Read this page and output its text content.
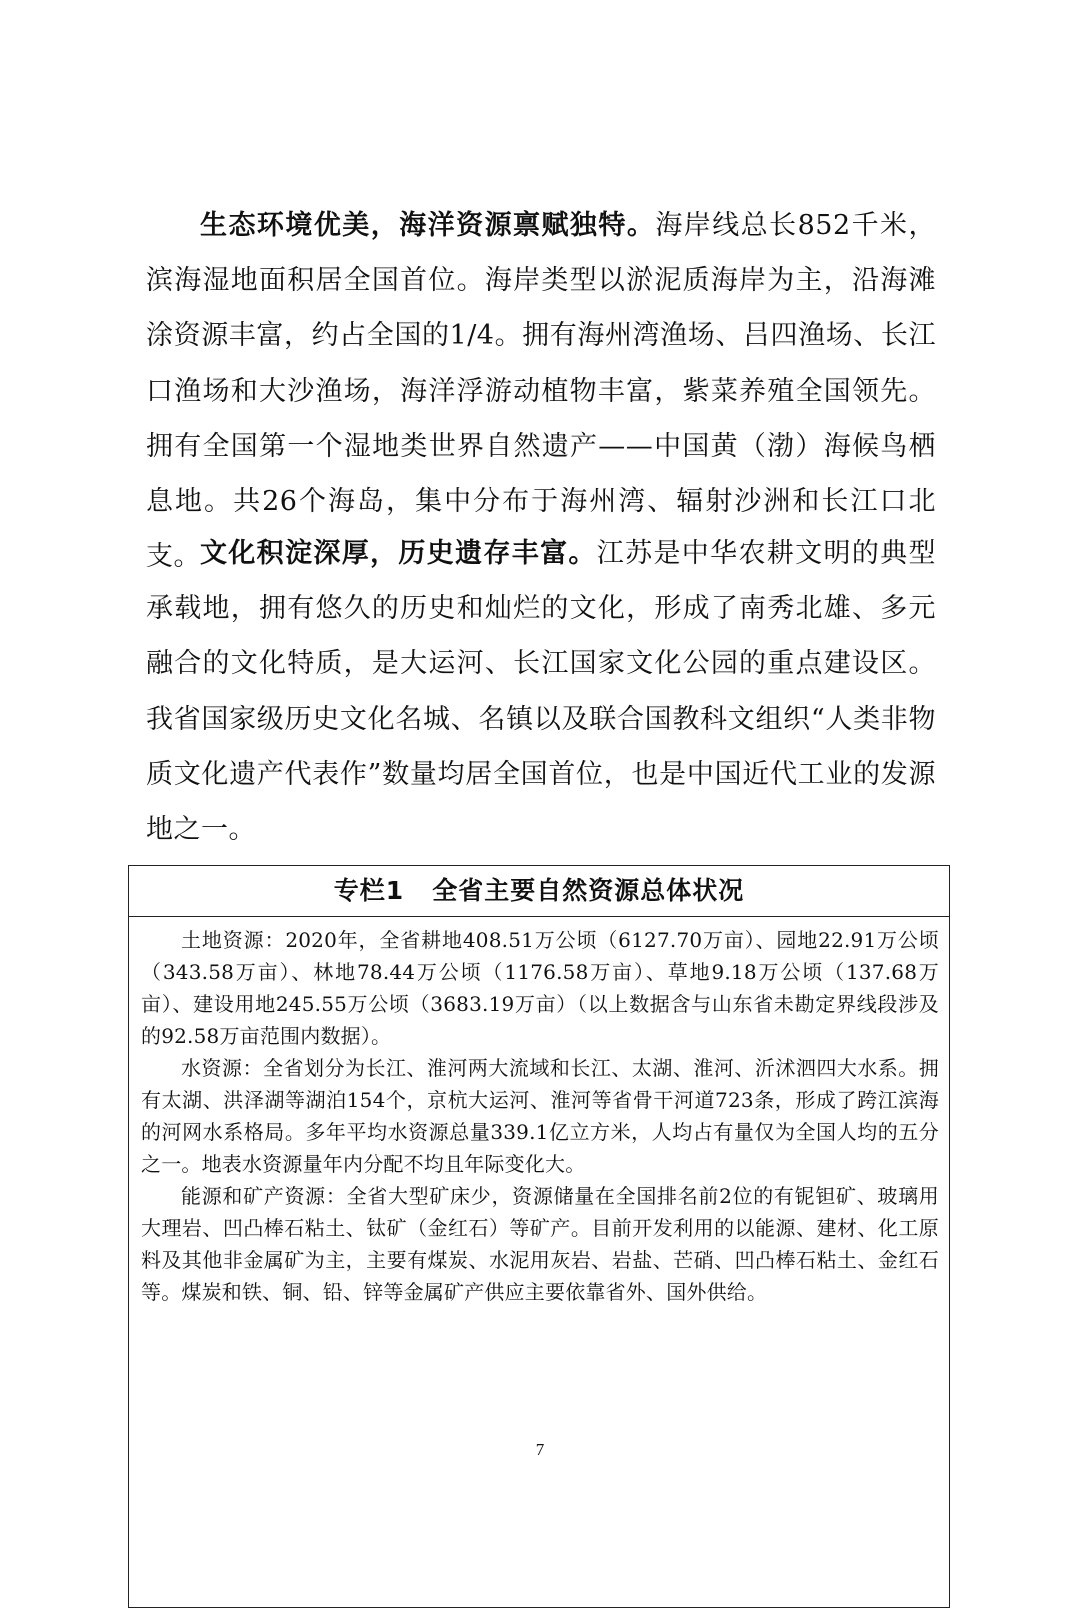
生态环境优美，海洋资源禀赋独特。海岸线总长852千米，滨海湿地面积居全国首位。海岸类型以淤泥质海岸为主，沿海滩涂资源丰富，约占全国的1/4。拥有海州湾渔场、吕四渔场、长江口渔场和大沙渔场，海洋浮游动植物丰富，紫菜养殖全国领先。拥有全国第一个湿地类世界自然遗产——中国黄（渤）海候鸟栖息地。共26个海岛，集中分布于海州湾、辐射沙洲和长江口北支。 文化积淀深厚，历史遗存丰富。江苏是中华农耕文明的典型承载地，拥有悠久的历史和灿烂的文化，形成了南秀北雄、多元融合的文化特质，是大运河、长江国家文化公园的重点建设区。我省国家级历史文化名城、名镇以及联合国教科文组织“人类非物质文化遗产代表作”数量均居全国首位，也是中国近代工业的发源地之一。

专栏1 全省主要自然资源总体状况

土地资源：2020年，全省耕地408.51万公顷（6127.70万亩）、园地22.91万公顷（343.58万亩）、林地78.44万公顷（1176.58万亩）、草地9.18万公顷（137.68万亩）、建设用地245.55万公顷（3683.19万亩）（以上数据含与山东省未勘定界线段涉及的92.58万亩范围内数据）。

水资源：全省划分为长江、淮河两大流域和长江、太湖、淮河、沂沭泗四大水系。拥有太湖、洪泽湖等湖泊154个，京杭大运河、淮河等省骨干河道723条，形成了跨江滨海的河网水系格局。多年平均水资源总量339.1亿立方米，人均占有量仅为全国人均的五分之一。地表水资源量年内分配不均且年际变化大。

能源和矿产资源：全省大型矿床少，资源储量在全国排名前2位的有铌钽矿、玻璃用大理岩、凹凸棒石粘土、钛矿（金红石）等矿产。目前开发利用的以能源、建材、化工原料及其他非金属矿为主，主要有煤炭、水泥用灰岩、岩盐、芒硝、凹凸棒石粘土、金红石等。煤炭和铁、铜、铅、锌等金属矿产供应主要依靠省外、国外供给。

7
